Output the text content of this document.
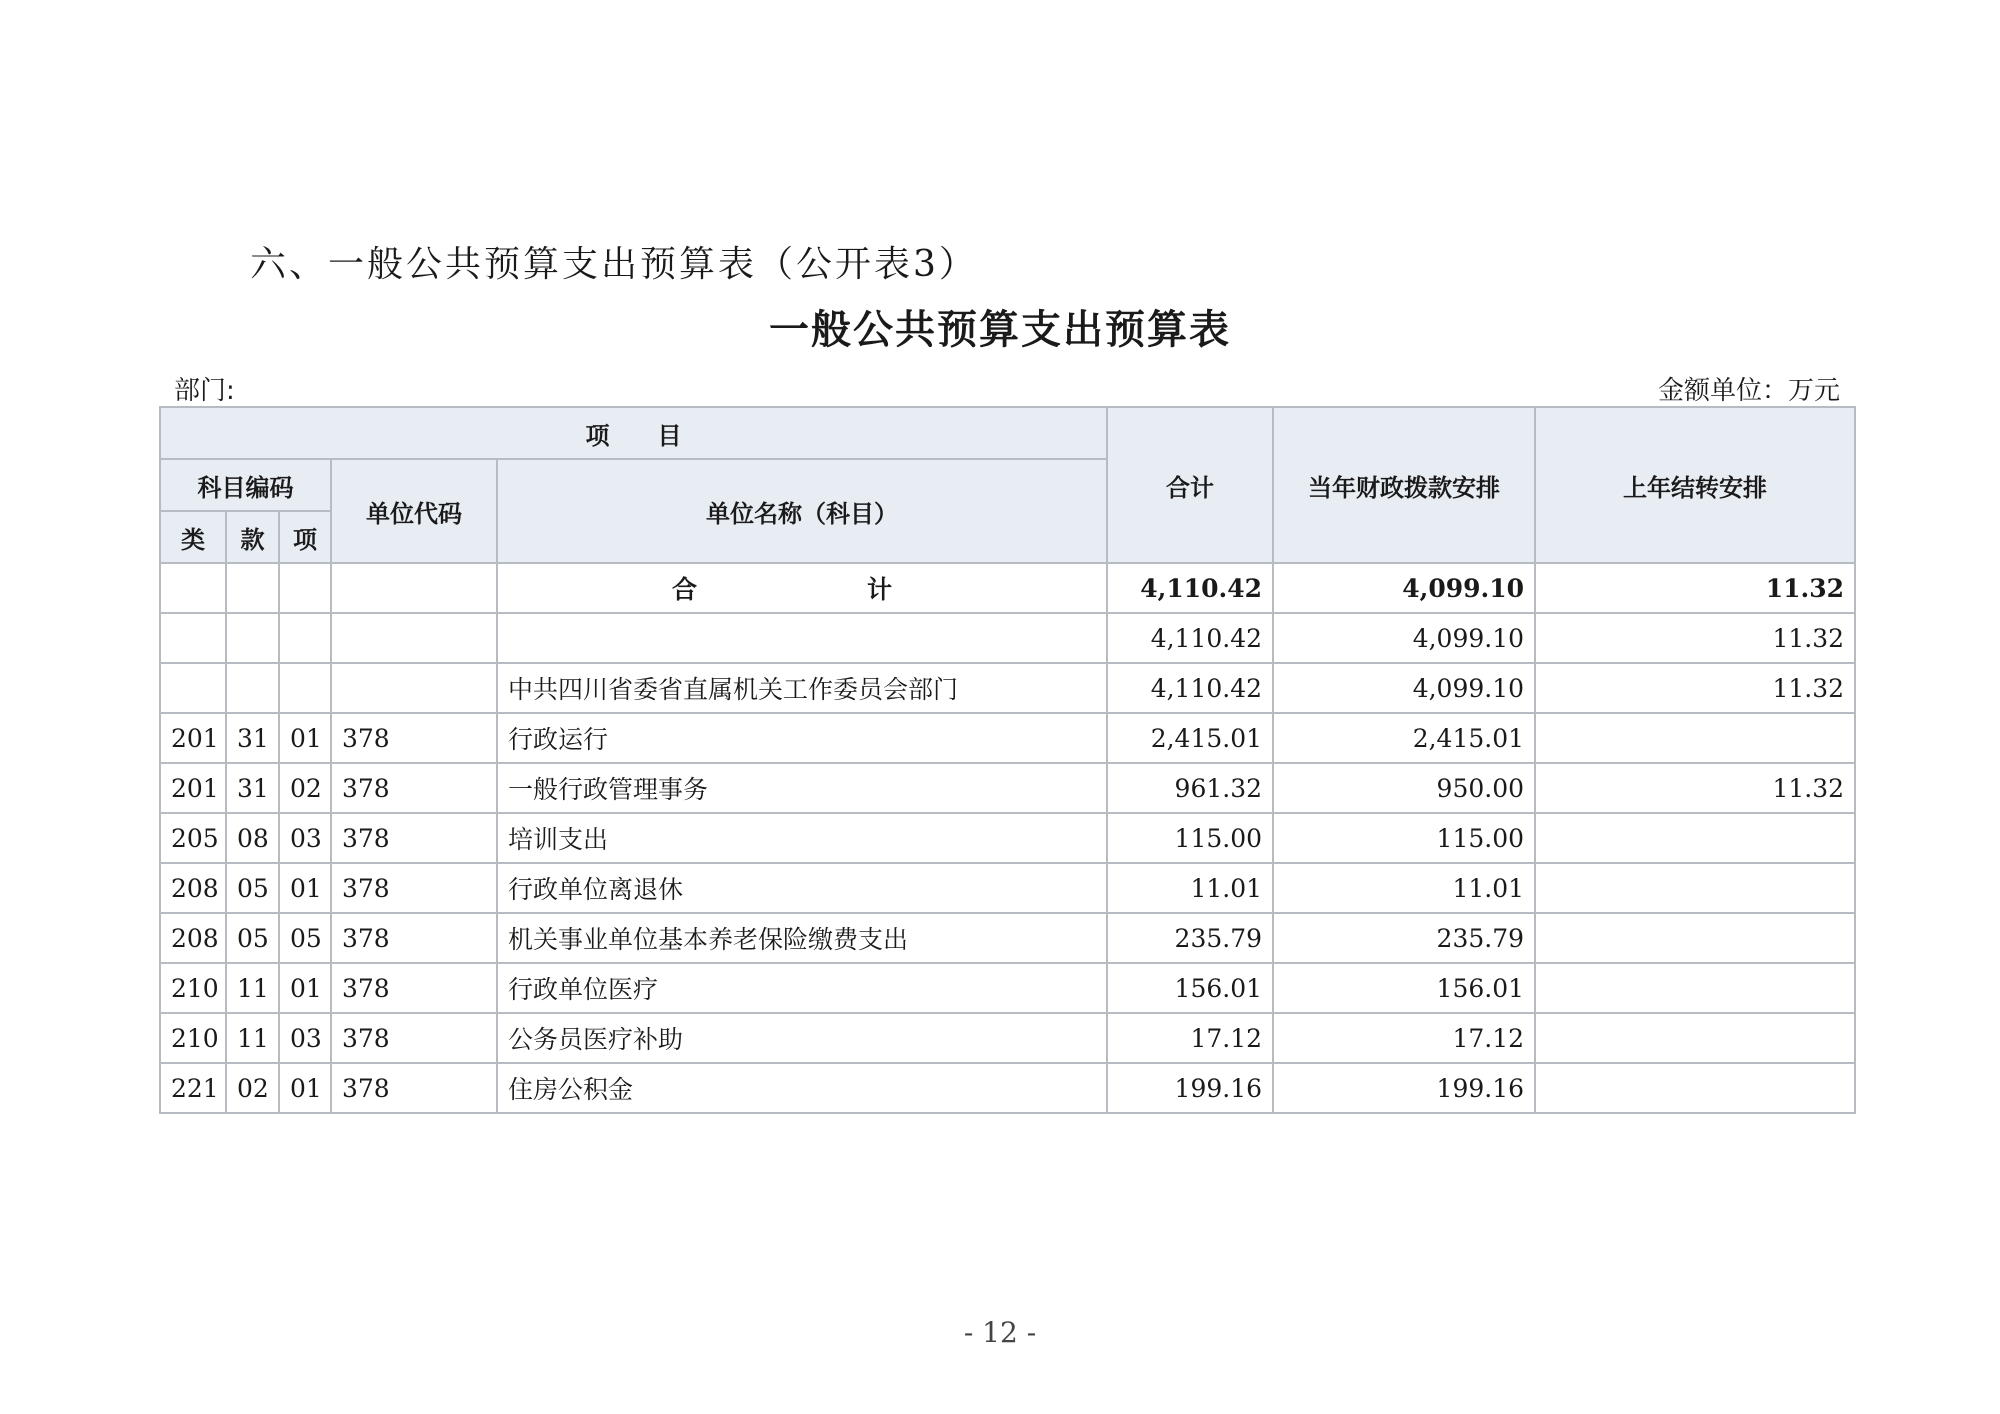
六、一般公共预算支出预算表（公开表3）
一般公共预算支出预算表
部门:	金额单位：万元
项　　目					合计	当年财政拨款安排	上年结转安排
科目编码			单位代码	单位名称（科目）			
类	款	项					
				合　　计	4,110.42	4,099.10	11.32
					4,110.42	4,099.10	11.32
				中共四川省委省直属机关工作委员会部门	4,110.42	4,099.10	11.32
201	31	01	378	行政运行	2,415.01	2,415.01	
201	31	02	378	一般行政管理事务	961.32	950.00	11.32
205	08	03	378	培训支出	115.00	115.00	
208	05	01	378	行政单位离退休	11.01	11.01	
208	05	05	378	机关事业单位基本养老保险缴费支出	235.79	235.79	
210	11	01	378	行政单位医疗	156.01	156.01	
210	11	03	378	公务员医疗补助	17.12	17.12	
221	02	01	378	住房公积金	199.16	199.16	
- 12 -
